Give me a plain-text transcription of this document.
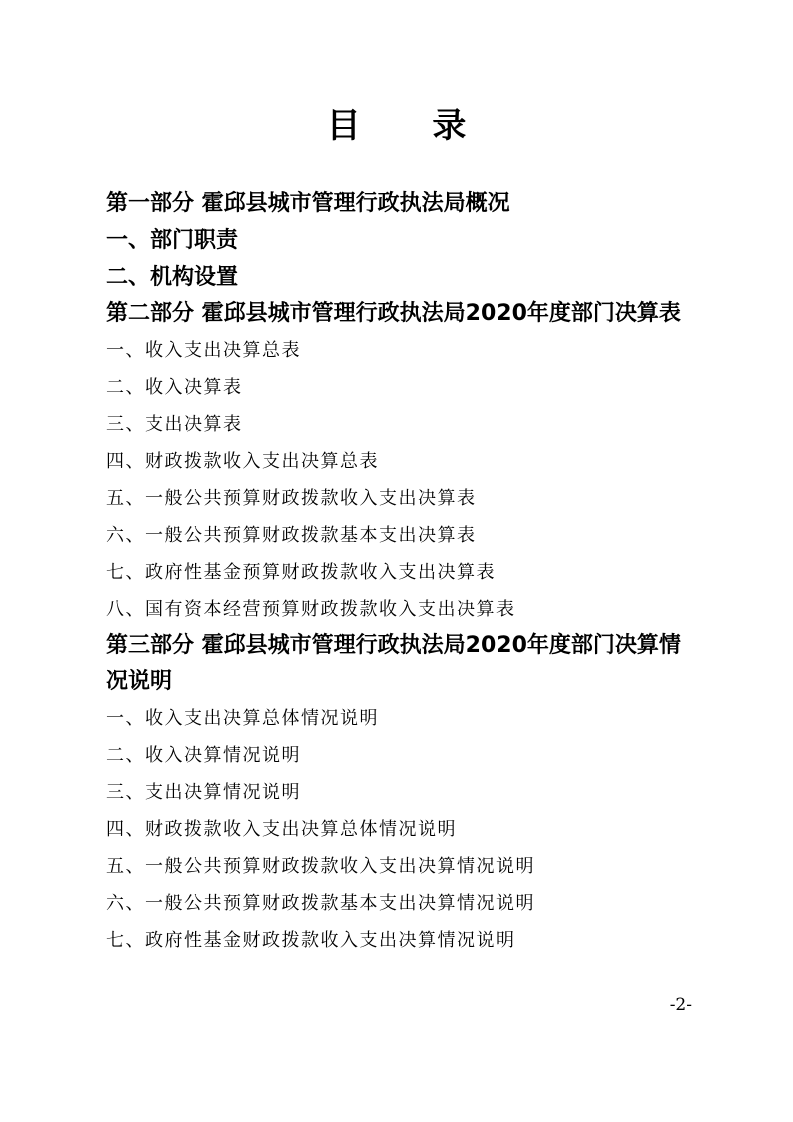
目 录

第一部分 霍邱县城市管理行政执法局概况

一、部门职责

二、机构设置

第二部分 霍邱县城市管理行政执法局2020年度部门决算表

一、收入支出决算总表

二、收入决算表

三、支出决算表

四、财政拨款收入支出决算总表

五、一般公共预算财政拨款收入支出决算表

六、一般公共预算财政拨款基本支出决算表

七、政府性基金预算财政拨款收入支出决算表

八、国有资本经营预算财政拨款收入支出决算表

第三部分 霍邱县城市管理行政执法局2020年度部门决算情况说明

一、收入支出决算总体情况说明

二、收入决算情况说明

三、支出决算情况说明

四、财政拨款收入支出决算总体情况说明

五、一般公共预算财政拨款收入支出决算情况说明

六、一般公共预算财政拨款基本支出决算情况说明

七、政府性基金财政拨款收入支出决算情况说明

-2-
